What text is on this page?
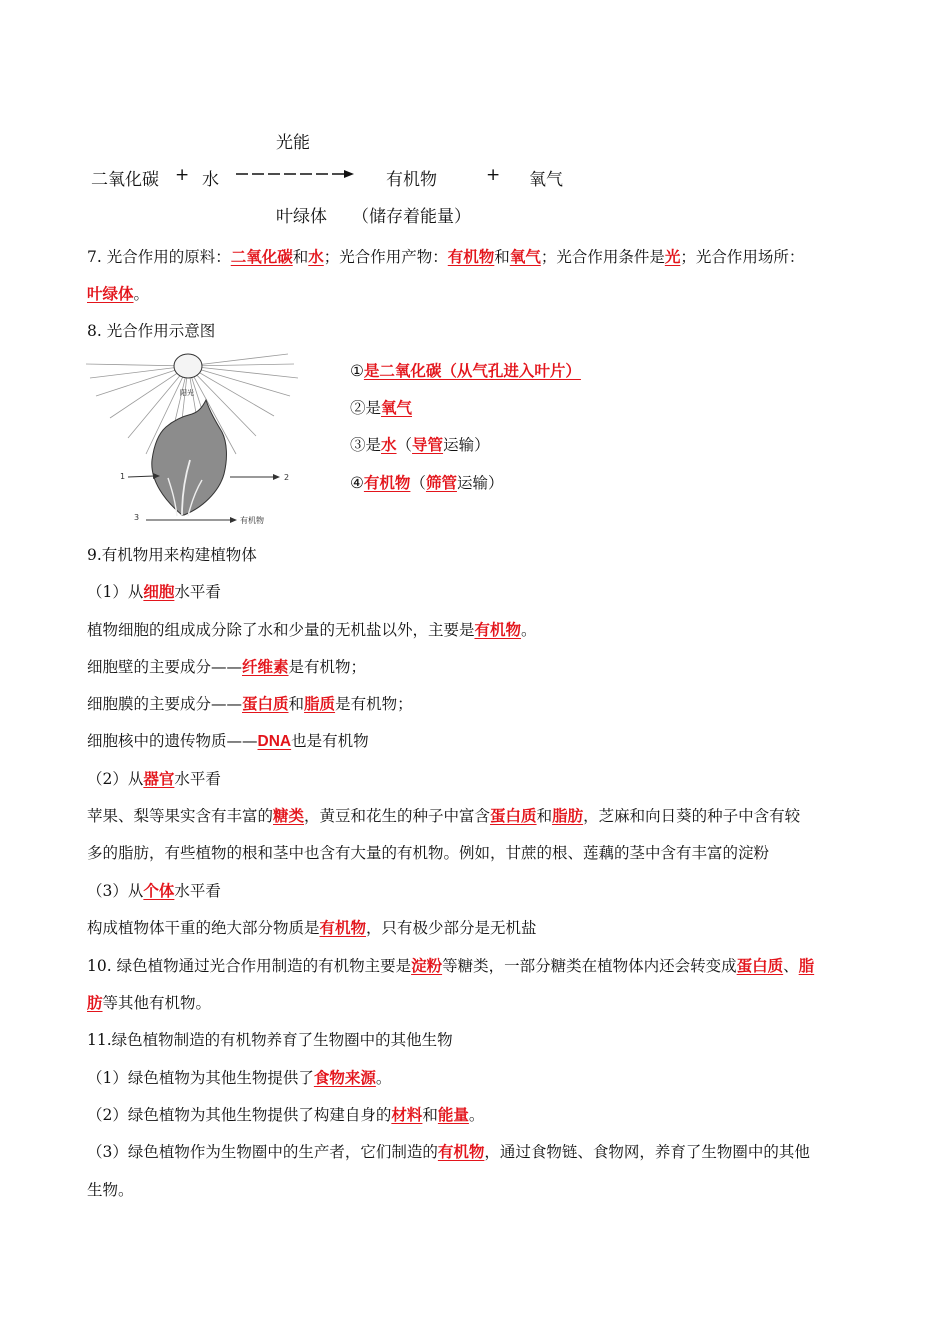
光能
二氧化碳 + 水	有机物	+ 氧气
叶绿体 （储存着能量）
7. 光合作用的原料：二氧化碳和水；光合作用产物：有机物和氧气；光合作用条件是光；光合作用场所：
叶绿体。
8. 光合作用示意图
阳光
1	2
3	有机物
①是二氧化碳（从气孔进入叶片）
②是氧气
③是水（导管运输）
④有机物（筛管运输）
9.有机物用来构建植物体
（1）从细胞水平看
植物细胞的组成成分除了水和少量的无机盐以外，主要是有机物。
细胞壁的主要成分——纤维素是有机物；
细胞膜的主要成分——蛋白质和脂质是有机物；
细胞核中的遗传物质——DNA也是有机物
（2）从器官水平看
苹果、梨等果实含有丰富的糖类，黄豆和花生的种子中富含蛋白质和脂肪，芝麻和向日葵的种子中含有较
多的脂肪，有些植物的根和茎中也含有大量的有机物。例如，甘蔗的根、莲藕的茎中含有丰富的淀粉
（3）从个体水平看
构成植物体干重的绝大部分物质是有机物，只有极少部分是无机盐
10. 绿色植物通过光合作用制造的有机物主要是淀粉等糖类，一部分糖类在植物体内还会转变成蛋白质、脂
肪等其他有机物。
11.绿色植物制造的有机物养育了生物圈中的其他生物
（1）绿色植物为其他生物提供了食物来源。
（2）绿色植物为其他生物提供了构建自身的材料和能量。
（3）绿色植物作为生物圈中的生产者，它们制造的有机物，通过食物链、食物网，养育了生物圈中的其他
生物。
